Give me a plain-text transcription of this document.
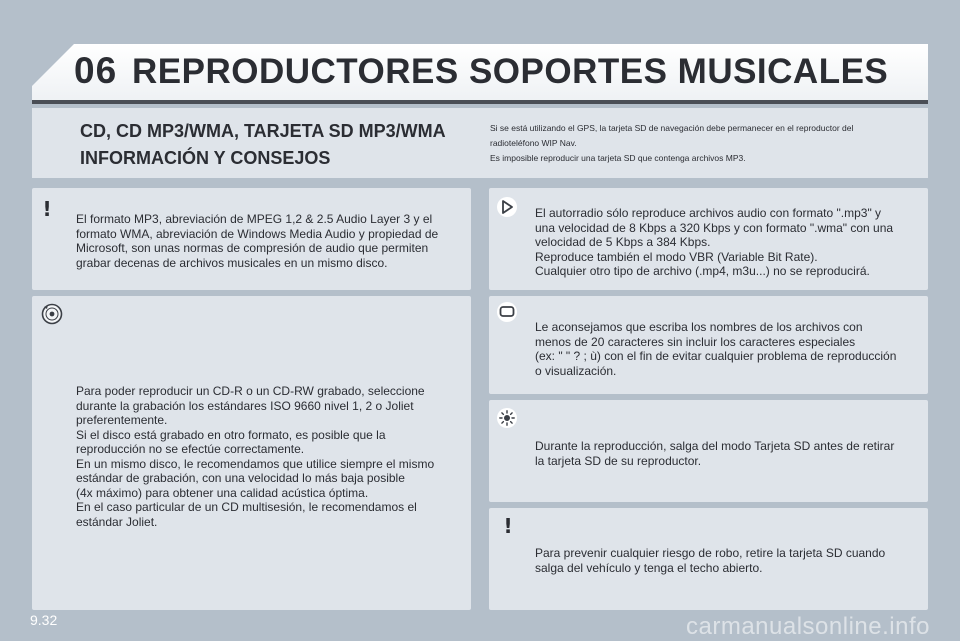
06 REPRODUCTORES SOPORTES MUSICALES
CD, CD MP3/WMA, TARJETA SD MP3/WMA
INFORMACIÓN Y CONSEJOS
Si se está utilizando el GPS, la tarjeta SD de navegación debe permanecer en el reproductor del
radioteléfono WIP Nav.
Es imposible reproducir una tarjeta SD que contenga archivos MP3.
! El formato MP3, abreviación de MPEG 1,2 & 2.5 Audio Layer 3 y el
formato WMA, abreviación de Windows Media Audio y propiedad de
Microsoft, son unas normas de compresión de audio que permiten
grabar decenas de archivos musicales en un mismo disco.
Para poder reproducir un CD-R o un CD-RW grabado, seleccione
durante la grabación los estándares ISO 9660 nivel 1, 2 o Joliet
preferentemente.
Si el disco está grabado en otro formato, es posible que la
reproducción no se efectúe correctamente.
En un mismo disco, le recomendamos que utilice siempre el mismo
estándar de grabación, con una velocidad lo más baja posible
(4x máximo) para obtener una calidad acústica óptima.
En el caso particular de un CD multisesión, le recomendamos el
estándar Joliet.
El autorradio sólo reproduce archivos audio con formato ".mp3" y
una velocidad de 8 Kbps a 320 Kbps y con formato ".wma" con una
velocidad de 5 Kbps a 384 Kbps.
Reproduce también el modo VBR (Variable Bit Rate).
Cualquier otro tipo de archivo (.mp4, m3u...) no se reproducirá.
Le aconsejamos que escriba los nombres de los archivos con
menos de 20 caracteres sin incluir los caracteres especiales
(ex: " " ? ; ù) con el fin de evitar cualquier problema de reproducción
o visualización.
Durante la reproducción, salga del modo Tarjeta SD antes de retirar
la tarjeta SD de su reproductor.
!
Para prevenir cualquier riesgo de robo, retire la tarjeta SD cuando
salga del vehículo y tenga el techo abierto.
9.32	carmanualsonline.info
